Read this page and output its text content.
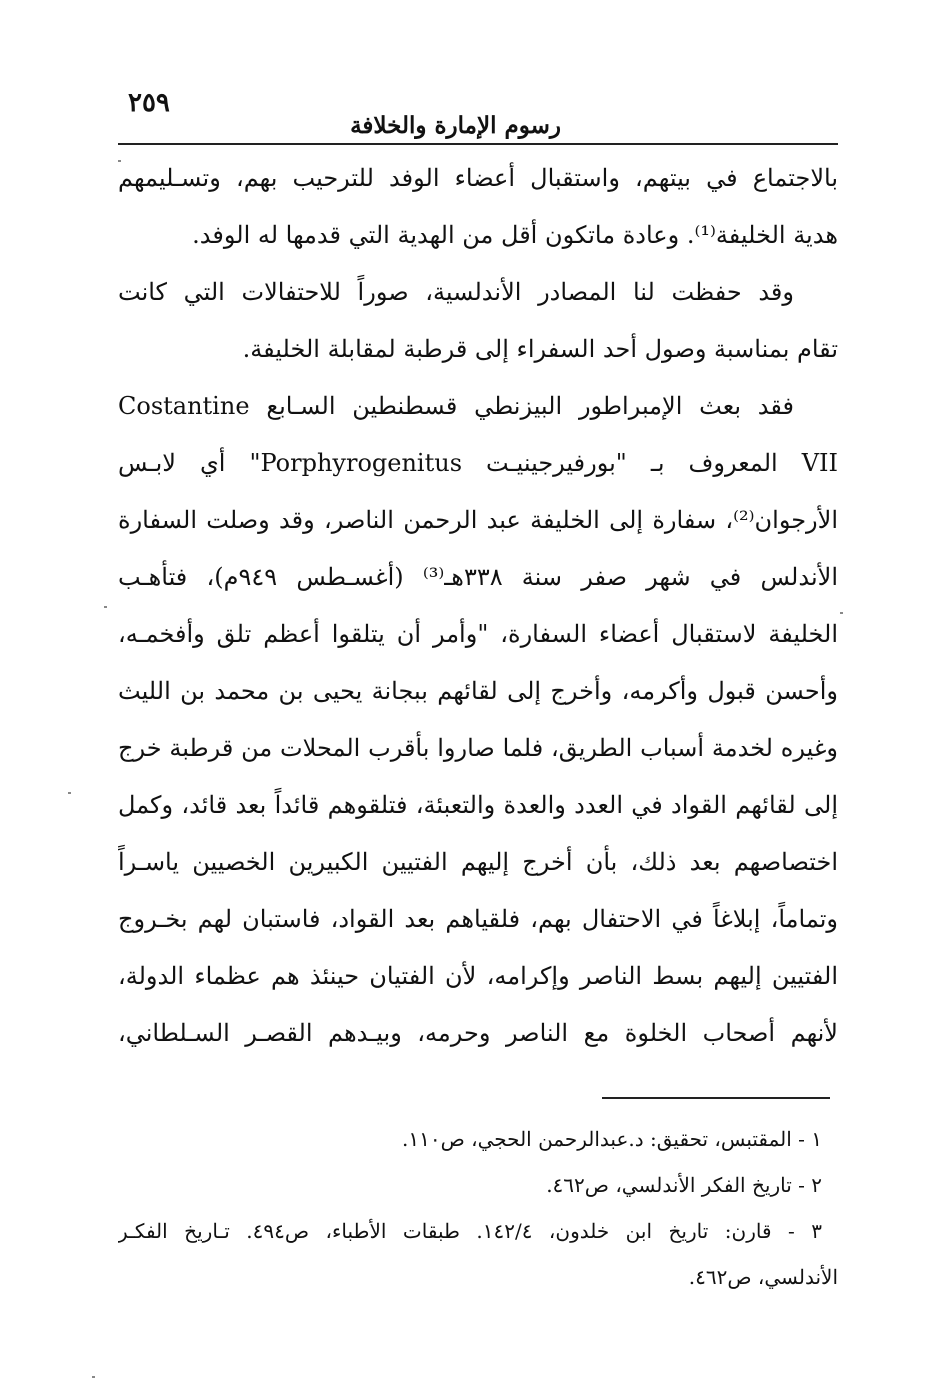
٢٥٩
رسوم الإمارة والخلافة
بالاجتماع في بيتهم، واستقبال أعضاء الوفد للترحيب بهم، وتسـليمهم
هدية الخليفة⁽¹⁾. وعادة ماتكون أقل من الهدية التي قدمها له الوفد.
وقد حفظت لنا المصادر الأندلسية، صوراً للاحتفالات التي كانت
تقام بمناسبة وصول أحد السفراء إلى قرطبة لمقابلة الخليفة.
فقد بعث الإمبراطور البيزنطي قسطنطين السـابع Costantine
VII المعروف بـ "بورفيرجينيـت Porphyrogenitus" أي لابـس
الأرجوان⁽²⁾، سفارة إلى الخليفة عبد الرحمن الناصر، وقد وصلت السفارة
الأندلس في شهر صفر سنة ٣٣٨هـ⁽³⁾ (أغسـطس ٩٤٩م)، فتأهـب
الخليفة لاستقبال أعضاء السفارة، "وأمر أن يتلقوا أعظم تلق وأفخمـه،
وأحسن قبول وأكرمه، وأخرج إلى لقائهم ببجانة يحيى بن محمد بن الليث
وغيره لخدمة أسباب الطريق، فلما صاروا بأقرب المحلات من قرطبة خرج
إلى لقائهم القواد في العدد والعدة والتعبئة، فتلقوهم قائداً بعد قائد، وكمل
اختصاصهم بعد ذلك، بأن أخرج إليهم الفتيين الكبيرين الخصيين ياسـراً
وتماماً، إبلاغاً في الاحتفال بهم، فلقياهم بعد القواد، فاستبان لهم بخـروج
الفتيين إليهم بسط الناصر وإكرامه، لأن الفتيان حينئذ هم عظماء الدولة،
لأنهم أصحاب الخلوة مع الناصر وحرمه، وبيـدهم القصـر السـلطاني،
١ - المقتبس، تحقيق: د.عبدالرحمن الحجي، ص١١٠.
٢ - تاريخ الفكر الأندلسي، ص٤٦٢.
٣ - قارن: تاريخ ابن خلدون، ١٤٢/٤. طبقات الأطباء، ص٤٩٤. تـاريخ الفكـر
الأندلسي، ص٤٦٢.
